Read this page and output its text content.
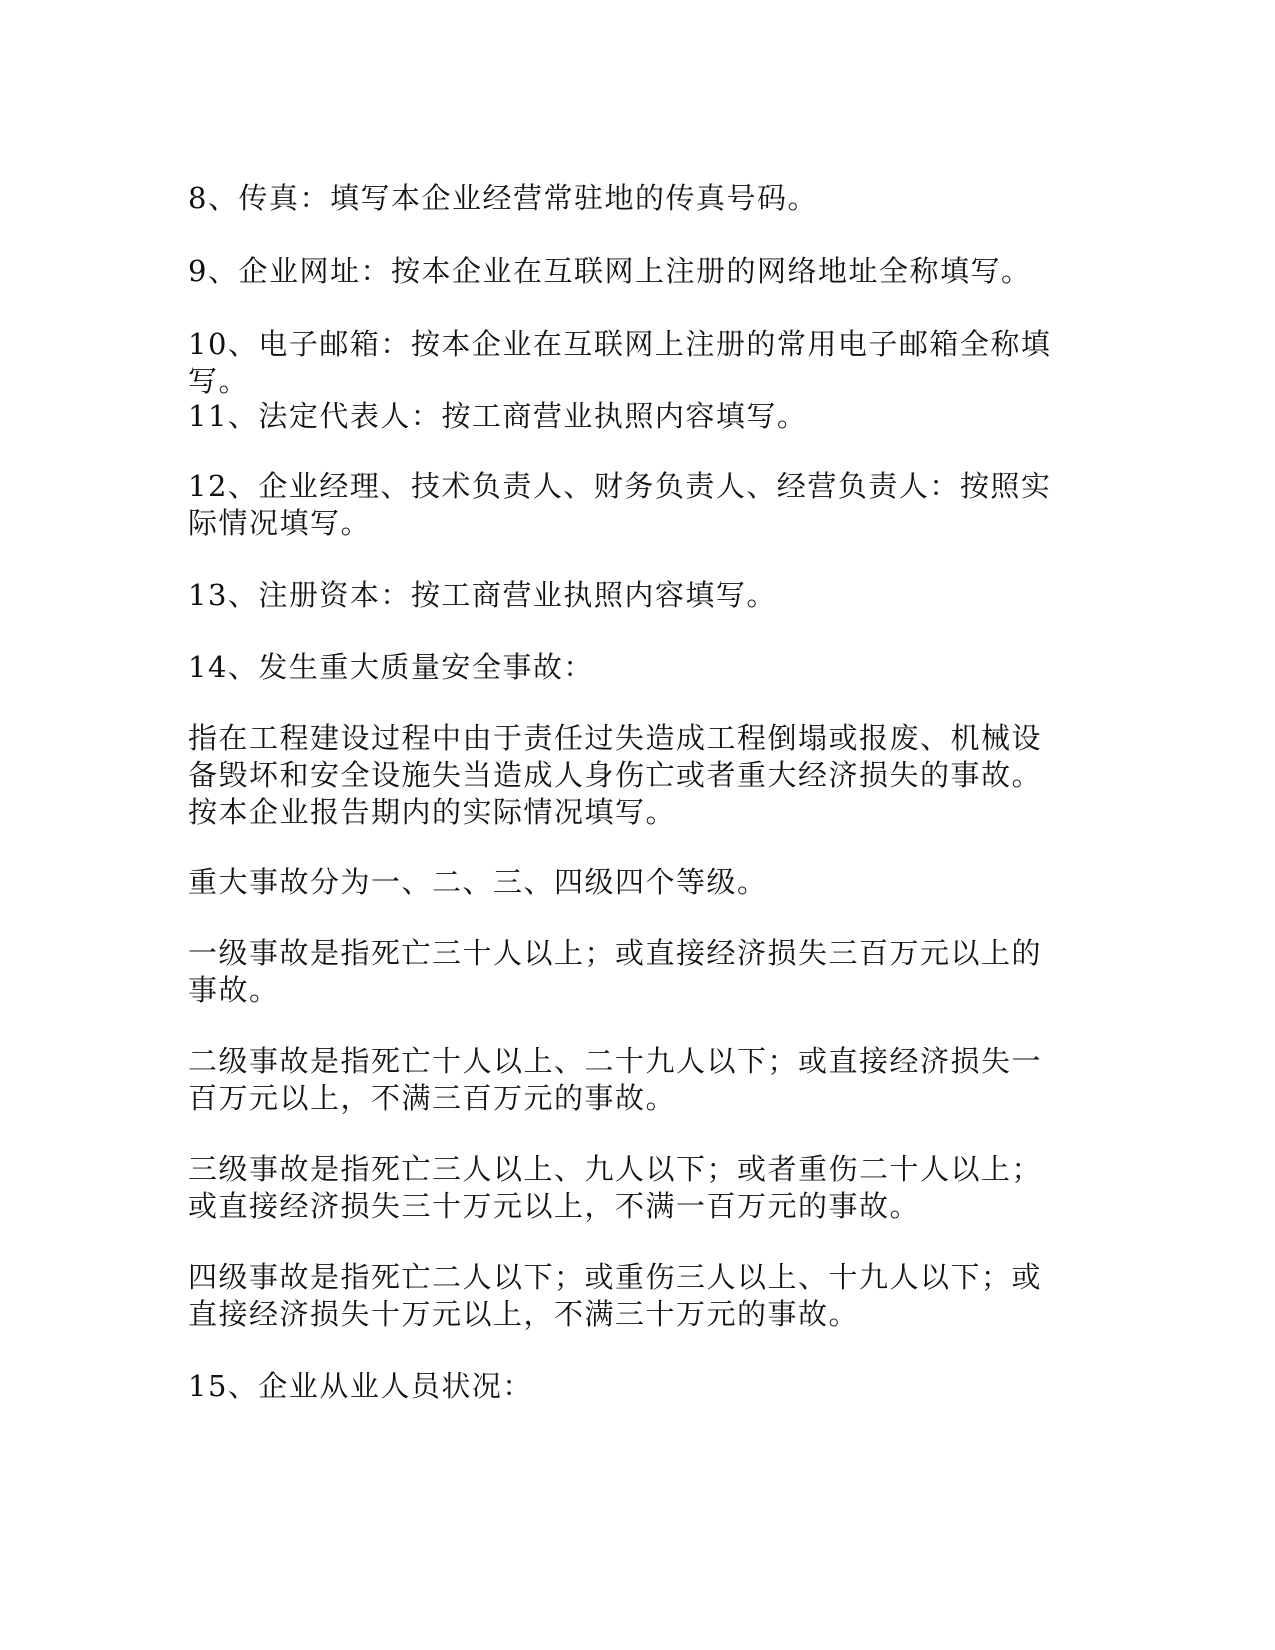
8、传真：填写本企业经营常驻地的传真号码。

9、企业网址：按本企业在互联网上注册的网络地址全称填写。

10、电子邮箱：按本企业在互联网上注册的常用电子邮箱全称填写。

11、法定代表人：按工商营业执照内容填写。

12、企业经理、技术负责人、财务负责人、经营负责人：按照实际情况填写。

13、注册资本：按工商营业执照内容填写。

14、发生重大质量安全事故：

指在工程建设过程中由于责任过失造成工程倒塌或报废、机械设备毁坏和安全设施失当造成人身伤亡或者重大经济损失的事故。按本企业报告期内的实际情况填写。

重大事故分为一、二、三、四级四个等级。

一级事故是指死亡三十人以上；或直接经济损失三百万元以上的事故。

二级事故是指死亡十人以上、二十九人以下；或直接经济损失一百万元以上，不满三百万元的事故。

三级事故是指死亡三人以上、九人以下；或者重伤二十人以上；或直接经济损失三十万元以上，不满一百万元的事故。

四级事故是指死亡二人以下；或重伤三人以上、十九人以下；或直接经济损失十万元以上，不满三十万元的事故。

15、企业从业人员状况：
